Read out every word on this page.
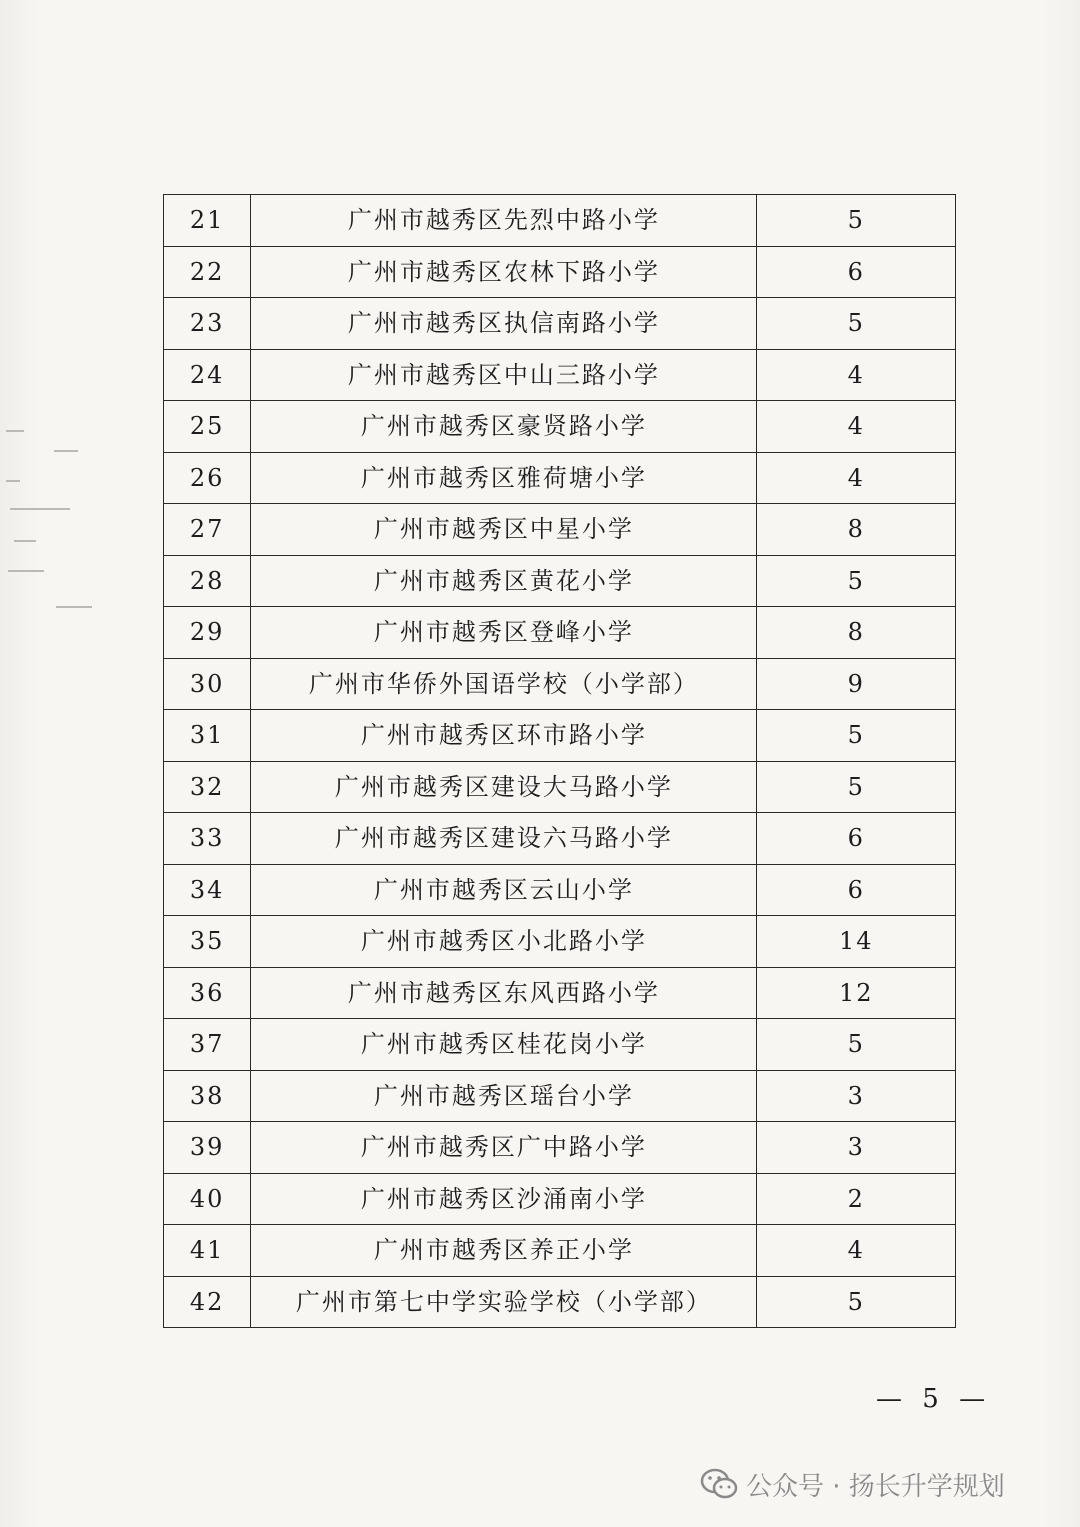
21	广州市越秀区先烈中路小学	5
22	广州市越秀区农林下路小学	6
23	广州市越秀区执信南路小学	5
24	广州市越秀区中山三路小学	4
25	广州市越秀区豪贤路小学	4
26	广州市越秀区雅荷塘小学	4
27	广州市越秀区中星小学	8
28	广州市越秀区黄花小学	5
29	广州市越秀区登峰小学	8
30	广州市华侨外国语学校（小学部）	9
31	广州市越秀区环市路小学	5
32	广州市越秀区建设大马路小学	5
33	广州市越秀区建设六马路小学	6
34	广州市越秀区云山小学	6
35	广州市越秀区小北路小学	14
36	广州市越秀区东风西路小学	12
37	广州市越秀区桂花岗小学	5
38	广州市越秀区瑶台小学	3
39	广州市越秀区广中路小学	3
40	广州市越秀区沙涌南小学	2
41	广州市越秀区养正小学	4
42	广州市第七中学实验学校（小学部）	5
— 5 —
公众号 · 扬长升学规划
